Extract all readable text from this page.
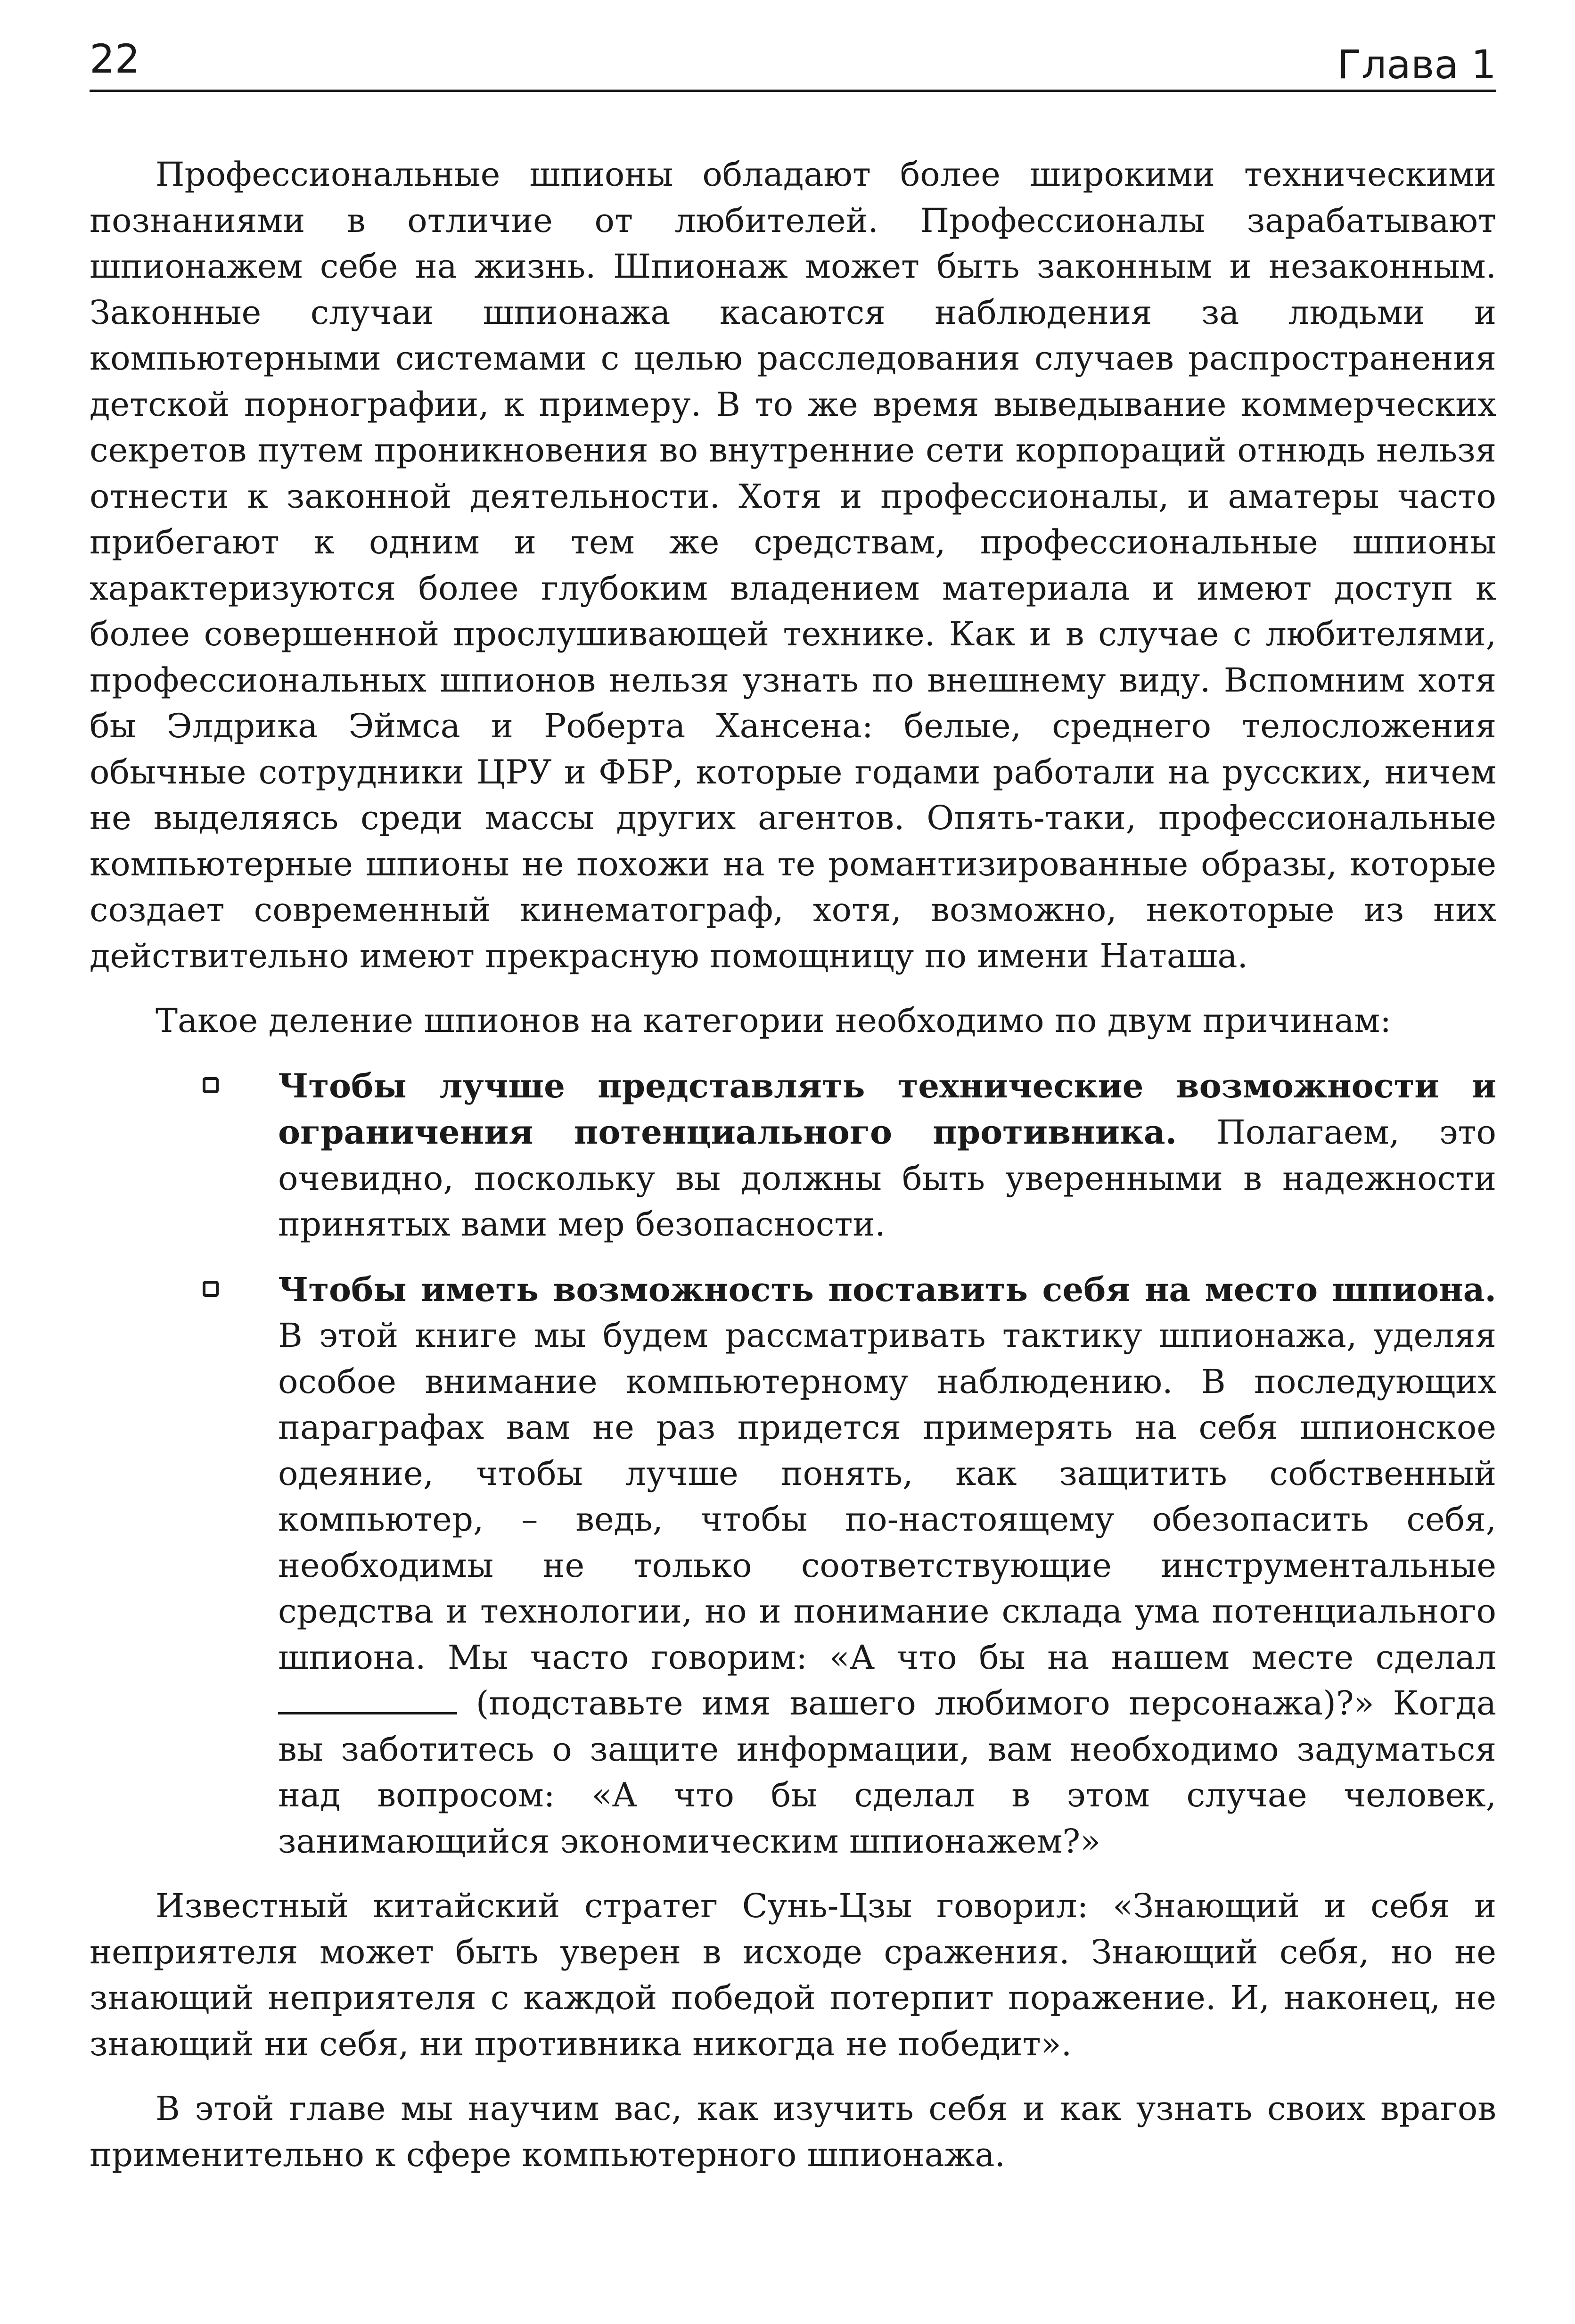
22	Глава 1

Профессиональные шпионы обладают более широкими техническими познаниями в отличие от любителей. Профессионалы зарабатывают шпионажем себе на жизнь. Шпионаж может быть законным и незаконным. Законные случаи шпионажа касаются наблюдения за людьми и компьютерными системами с целью расследования случаев распространения детской порнографии, к примеру. В то же время выведывание коммерческих секретов путем проникновения во внутренние сети корпораций отнюдь нельзя отнести к законной деятельности. Хотя и профессионалы, и аматеры часто прибегают к одним и тем же средствам, профессиональные шпионы характеризуются более глубоким владением материала и имеют доступ к более совершенной прослушивающей технике. Как и в случае с любителями, профессиональных шпионов нельзя узнать по внешнему виду. Вспомним хотя бы Элдрика Эймса и Роберта Хансена: белые, среднего телосложения обычные сотрудники ЦРУ и ФБР, которые годами работали на русских, ничем не выделяясь среди массы других агентов. Опять-таки, профессиональные компьютерные шпионы не похожи на те романтизированные образы, которые создает современный кинематограф, хотя, возможно, некоторые из них действительно имеют прекрасную помощницу по имени Наташа.

Такое деление шпионов на категории необходимо по двум причинам:

Чтобы лучше представлять технические возможности и ограничения потенциального противника. Полагаем, это очевидно, поскольку вы должны быть уверенными в надежности принятых вами мер безопасности.
Чтобы иметь возможность поставить себя на место шпиона. В этой книге мы будем рассматривать тактику шпионажа, уделяя особое внимание компьютерному наблюдению. В последующих параграфах вам не раз придется примерять на себя шпионское одеяние, чтобы лучше понять, как защитить собственный компьютер, – ведь, чтобы по-настоящему обезопасить себя, необходимы не только соответствующие инструментальные средства и технологии, но и понимание склада ума потенциального шпиона. Мы часто говорим: «А что бы на нашем месте сделал  (подставьте имя вашего любимого персонажа)?» Когда вы заботитесь о защите информации, вам необходимо задуматься над вопросом: «А что бы сделал в этом случае человек, занимающийся экономическим шпионажем?»

Известный китайский стратег Сунь-Цзы говорил: «Знающий и себя и неприятеля может быть уверен в исходе сражения. Знающий себя, но не знающий неприятеля с каждой победой потерпит поражение. И, наконец, не знающий ни себя, ни противника никогда не победит».

В этой главе мы научим вас, как изучить себя и как узнать своих врагов применительно к сфере компьютерного шпионажа.
